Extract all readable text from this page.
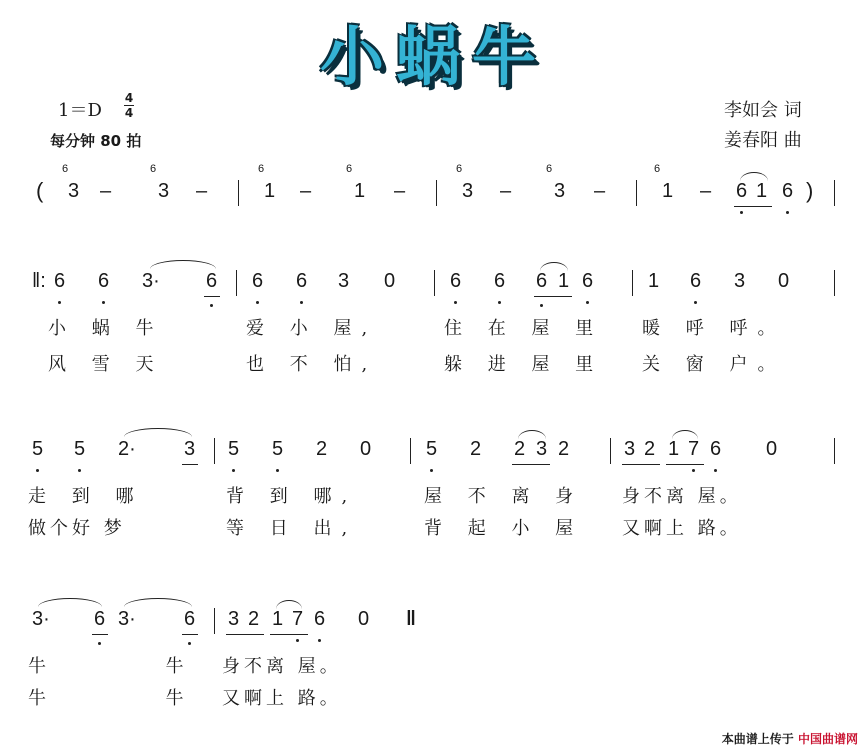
小蜗牛
1＝D
4
4
每分钟 80 拍
李如会 词
姜春阳 曲
(
6
3 –
6
3 –
6
1 –
6
1 –
6
3 –
6
3 –
6
1 – 6 1 6 )
‖: 6 6 3· 6 6 6 3 0	6 6 6 1 6	1 6 3 0
小 蜗 牛	爱 小 屋,	住 在 屋 里 暖 呼 呼。
风 雪 天	也 不 怕,	躲 进 屋 里 关 窗 户。
5 5 2· 3 5 5 2 0	5 2 2 3 2	3 2 1 7 6 0
走 到 哪	背 到 哪,	屋 不 离 身 身不离 屋。
做个好 梦	等 日 出,	背 起 小 屋 又啊上 路。
3· 6 3· 6 3 2 1 7 6 0 ‖
牛  牛 身不离 屋。
牛  牛 又啊上 路。
本曲谱上传于 中国曲谱网
